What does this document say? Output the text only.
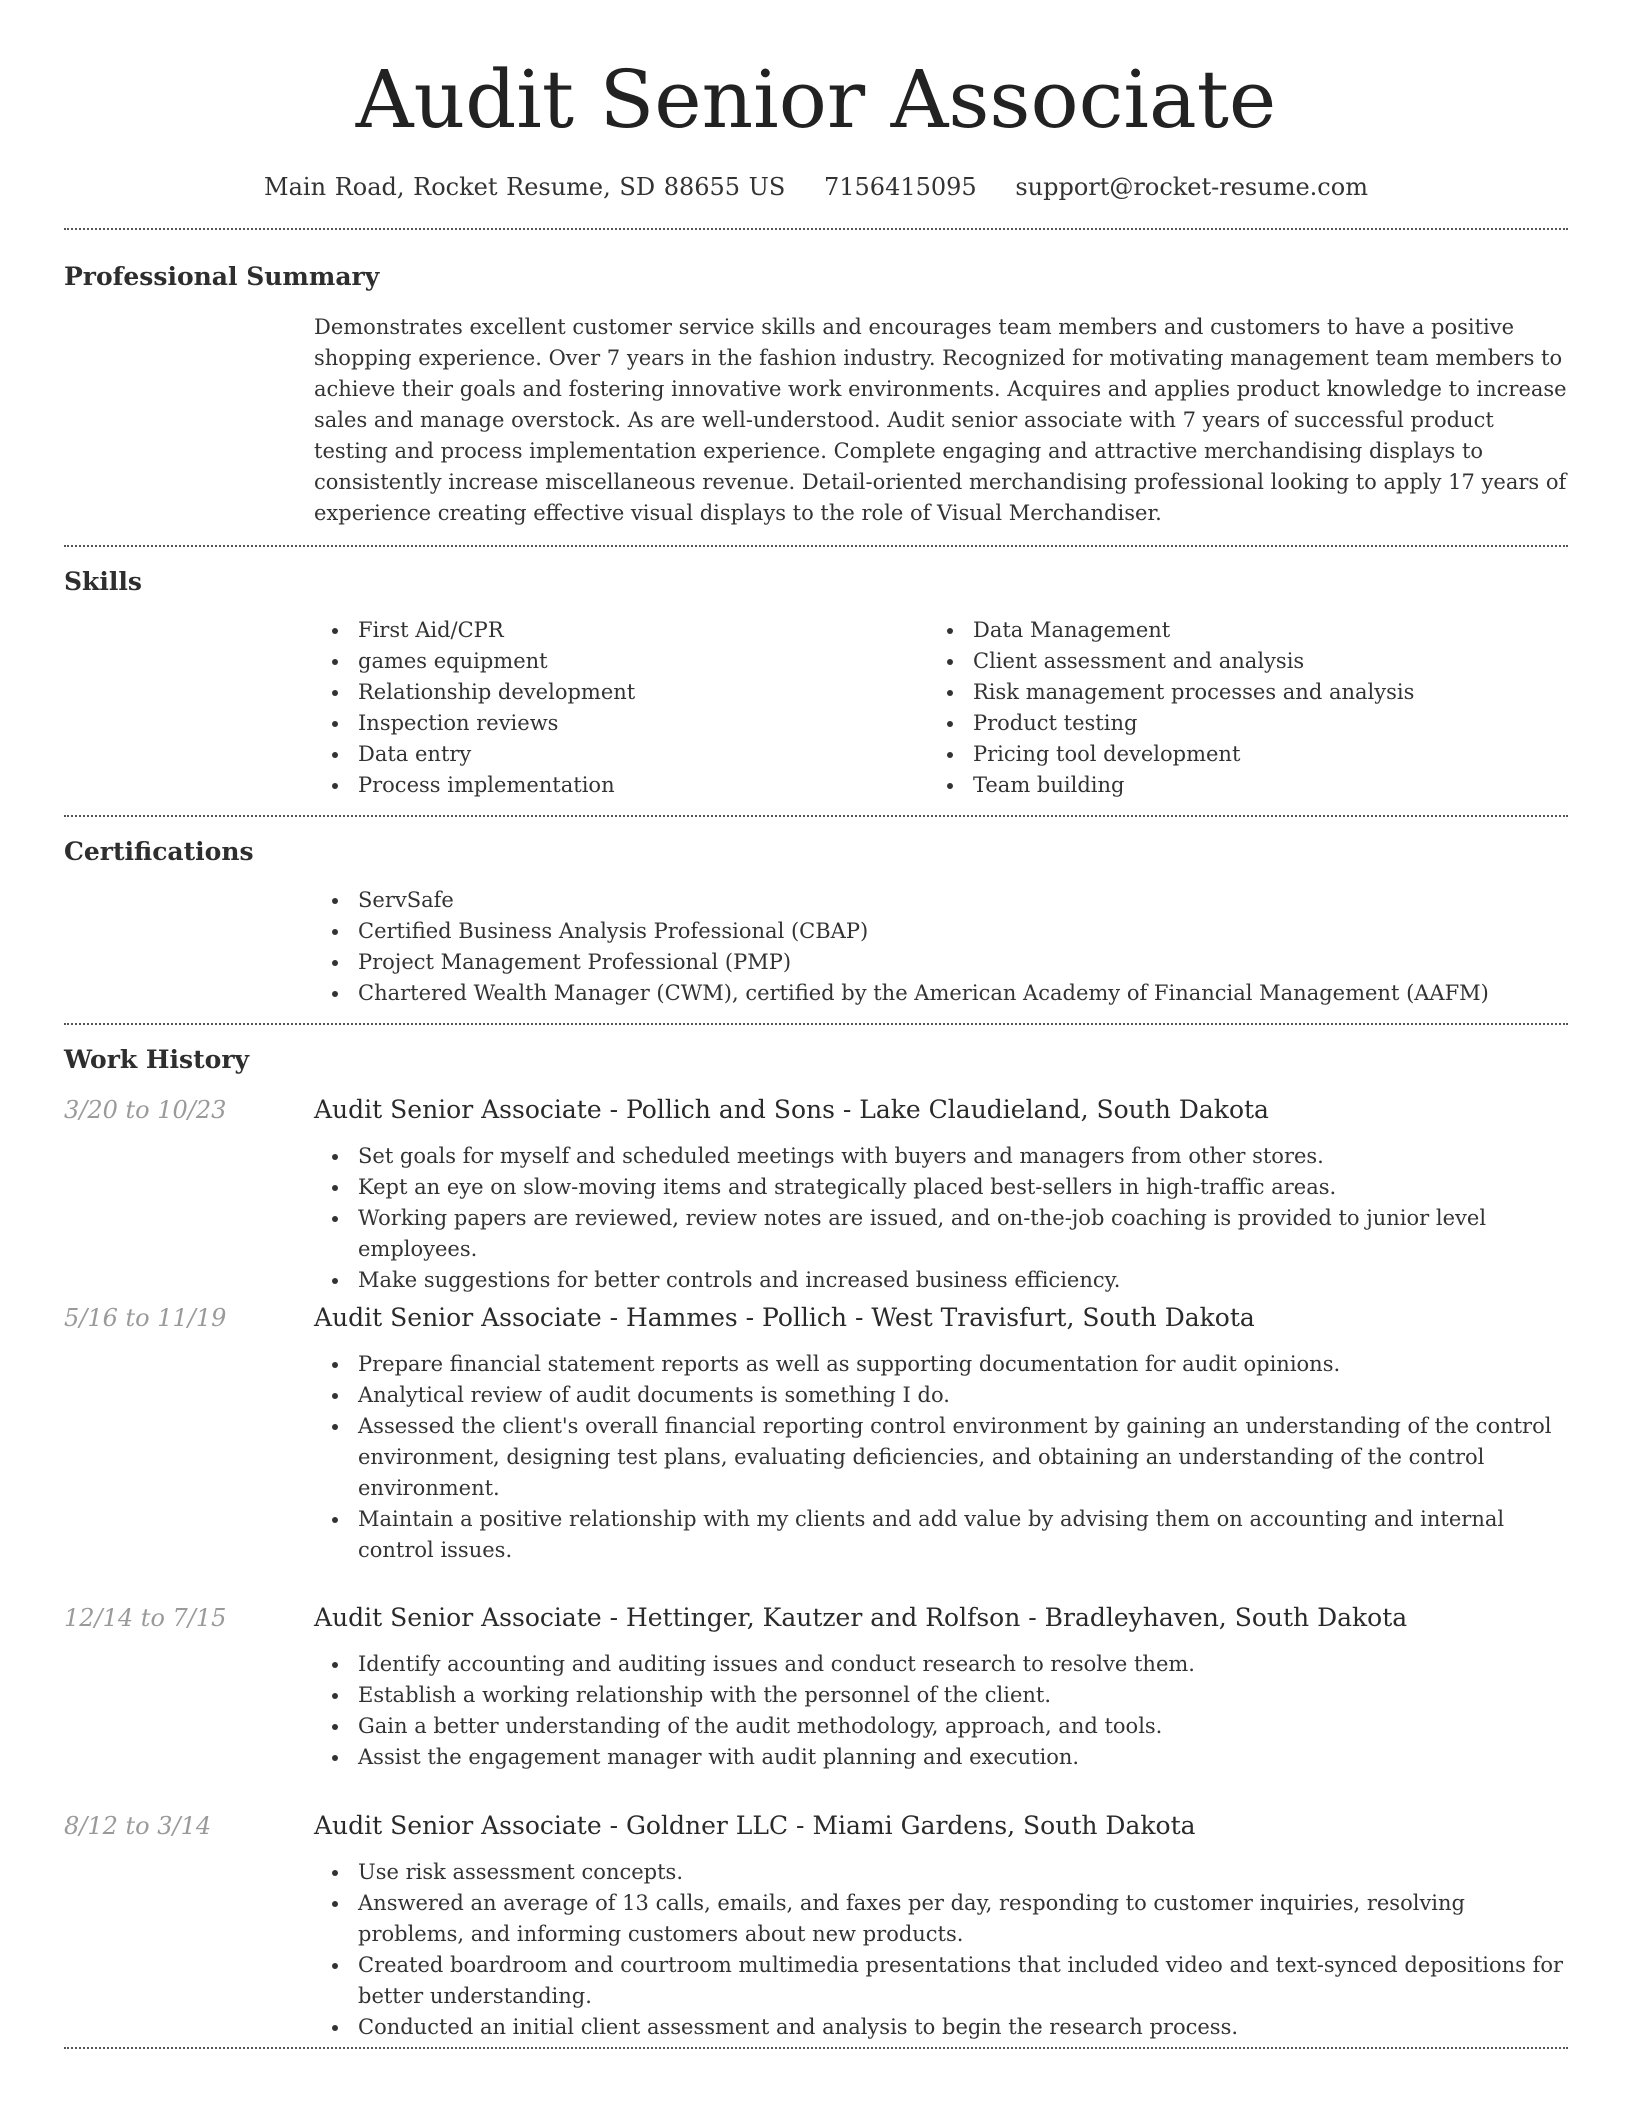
Audit Senior Associate
Main Road, Rocket Resume, SD 88655 US 7156415095 support@rocket-resume.com
Professional Summary
Demonstrates excellent customer service skills and encourages team members and customers to have a positive shopping experience. Over 7 years in the fashion industry. Recognized for motivating management team members to achieve their goals and fostering innovative work environments. Acquires and applies product knowledge to increase sales and manage overstock. As are well-understood. Audit senior associate with 7 years of successful product testing and process implementation experience. Complete engaging and attractive merchandising displays to consistently increase miscellaneous revenue. Detail-oriented merchandising professional looking to apply 17 years of experience creating effective visual displays to the role of Visual Merchandiser.
Skills
First Aid/CPR
games equipment
Relationship development
Inspection reviews
Data entry
Process implementation
Data Management
Client assessment and analysis
Risk management processes and analysis
Product testing
Pricing tool development
Team building
Certifications
ServSafe
Certified Business Analysis Professional (CBAP)
Project Management Professional (PMP)
Chartered Wealth Manager (CWM), certified by the American Academy of Financial Management (AAFM)
Work History
3/20 to 10/23	Audit Senior Associate - Pollich and Sons - Lake Claudieland, South Dakota
Set goals for myself and scheduled meetings with buyers and managers from other stores.
Kept an eye on slow-moving items and strategically placed best-sellers in high-traffic areas.
Working papers are reviewed, review notes are issued, and on-the-job coaching is provided to junior level employees.
Make suggestions for better controls and increased business efficiency.
5/16 to 11/19	Audit Senior Associate - Hammes - Pollich - West Travisfurt, South Dakota
Prepare financial statement reports as well as supporting documentation for audit opinions.
Analytical review of audit documents is something I do.
Assessed the client's overall financial reporting control environment by gaining an understanding of the control environment, designing test plans, evaluating deficiencies, and obtaining an understanding of the control environment.
Maintain a positive relationship with my clients and add value by advising them on accounting and internal control issues.
12/14 to 7/15	Audit Senior Associate - Hettinger, Kautzer and Rolfson - Bradleyhaven, South Dakota
Identify accounting and auditing issues and conduct research to resolve them.
Establish a working relationship with the personnel of the client.
Gain a better understanding of the audit methodology, approach, and tools.
Assist the engagement manager with audit planning and execution.
8/12 to 3/14	Audit Senior Associate - Goldner LLC - Miami Gardens, South Dakota
Use risk assessment concepts.
Answered an average of 13 calls, emails, and faxes per day, responding to customer inquiries, resolving problems, and informing customers about new products.
Created boardroom and courtroom multimedia presentations that included video and text-synced depositions for better understanding.
Conducted an initial client assessment and analysis to begin the research process.
